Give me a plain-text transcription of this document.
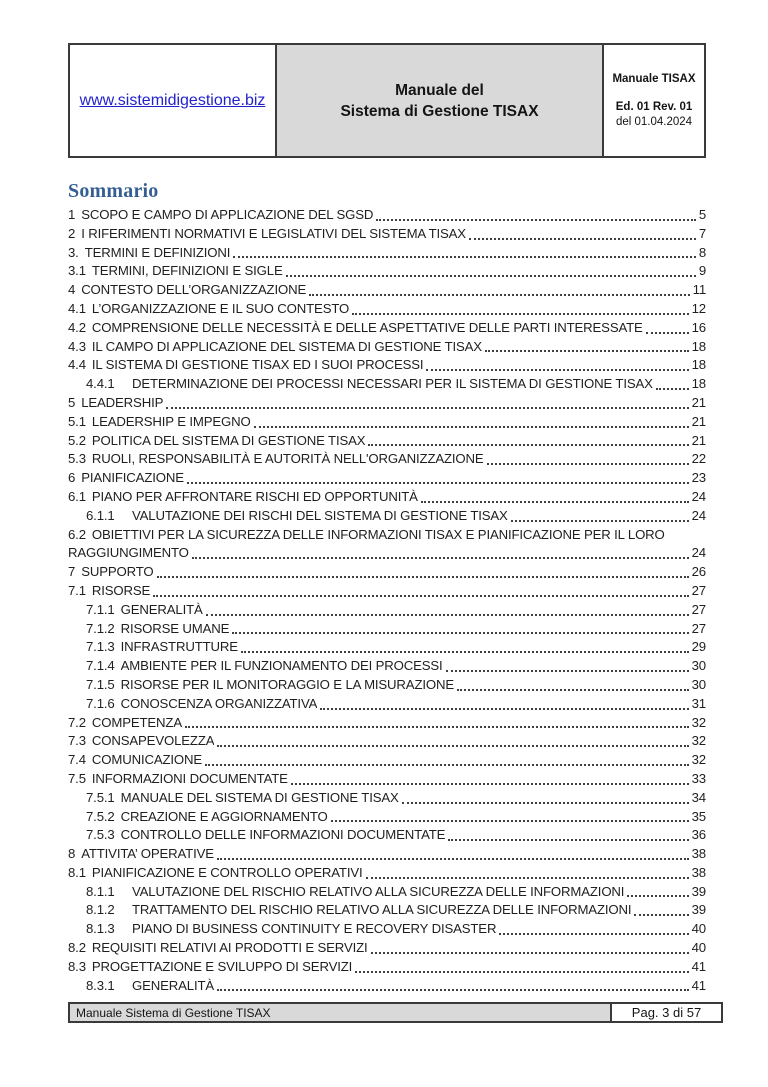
www.sistemidigestione.biz
Manuale del
Sistema di Gestione TISAX
Manuale TISAX
Ed. 01 Rev. 01
del 01.04.2024
Sommario
1 SCOPO E CAMPO DI APPLICAZIONE DEL SGSD	5
2 I RIFERIMENTI NORMATIVI E LEGISLATIVI DEL SISTEMA TISAX	7
3. TERMINI E DEFINIZIONI	8
3.1 TERMINI, DEFINIZIONI E SIGLE	9
4 CONTESTO DELL’ORGANIZZAZIONE	11
4.1 L’ORGANIZZAZIONE E IL SUO CONTESTO	12
4.2 COMPRENSIONE DELLE NECESSITÀ E DELLE ASPETTATIVE DELLE PARTI INTERESSATE	16
4.3 IL CAMPO DI APPLICAZIONE DEL SISTEMA DI GESTIONE TISAX	18
4.4 IL SISTEMA DI GESTIONE TISAX ED I SUOI PROCESSI	18
4.4.1	DETERMINAZIONE DEI PROCESSI NECESSARI PER IL SISTEMA DI GESTIONE TISAX	18
5 LEADERSHIP	21
5.1 LEADERSHIP E IMPEGNO	21
5.2 POLITICA DEL SISTEMA DI GESTIONE TISAX	21
5.3 RUOLI, RESPONSABILITÀ E AUTORITÀ NELL'ORGANIZZAZIONE	22
6 PIANIFICAZIONE	23
6.1 PIANO PER AFFRONTARE RISCHI ED OPPORTUNITÀ	24
6.1.1	VALUTAZIONE DEI RISCHI DEL SISTEMA DI GESTIONE TISAX	24
6.2 OBIETTIVI PER LA SICUREZZA DELLE INFORMAZIONI TISAX E PIANIFICAZIONE PER IL LORO
RAGGIUNGIMENTO	24
7 SUPPORTO	26
7.1 RISORSE	27
7.1.1 GENERALITÀ	27
7.1.2 RISORSE UMANE	27
7.1.3 INFRASTRUTTURE	29
7.1.4 AMBIENTE PER IL FUNZIONAMENTO DEI PROCESSI	30
7.1.5 RISORSE PER IL MONITORAGGIO E LA MISURAZIONE	30
7.1.6 CONOSCENZA ORGANIZZATIVA	31
7.2 COMPETENZA	32
7.3 CONSAPEVOLEZZA	32
7.4 COMUNICAZIONE	32
7.5 INFORMAZIONI DOCUMENTATE	33
7.5.1 MANUALE DEL SISTEMA DI GESTIONE TISAX	34
7.5.2 CREAZIONE E AGGIORNAMENTO	35
7.5.3 CONTROLLO DELLE INFORMAZIONI DOCUMENTATE	36
8 ATTIVITA’ OPERATIVE	38
8.1 PIANIFICAZIONE E CONTROLLO OPERATIVI	38
8.1.1	VALUTAZIONE DEL RISCHIO RELATIVO ALLA SICUREZZA DELLE INFORMAZIONI	39
8.1.2	TRATTAMENTO DEL RISCHIO RELATIVO ALLA SICUREZZA DELLE INFORMAZIONI	39
8.1.3	PIANO DI BUSINESS CONTINUITY E RECOVERY DISASTER	40
8.2 REQUISITI RELATIVI AI PRODOTTI E SERVIZI	40
8.3 PROGETTAZIONE E SVILUPPO DI SERVIZI	41
8.3.1	GENERALITÀ	41
Manuale Sistema di Gestione TISAX	Pag. 3 di 57
